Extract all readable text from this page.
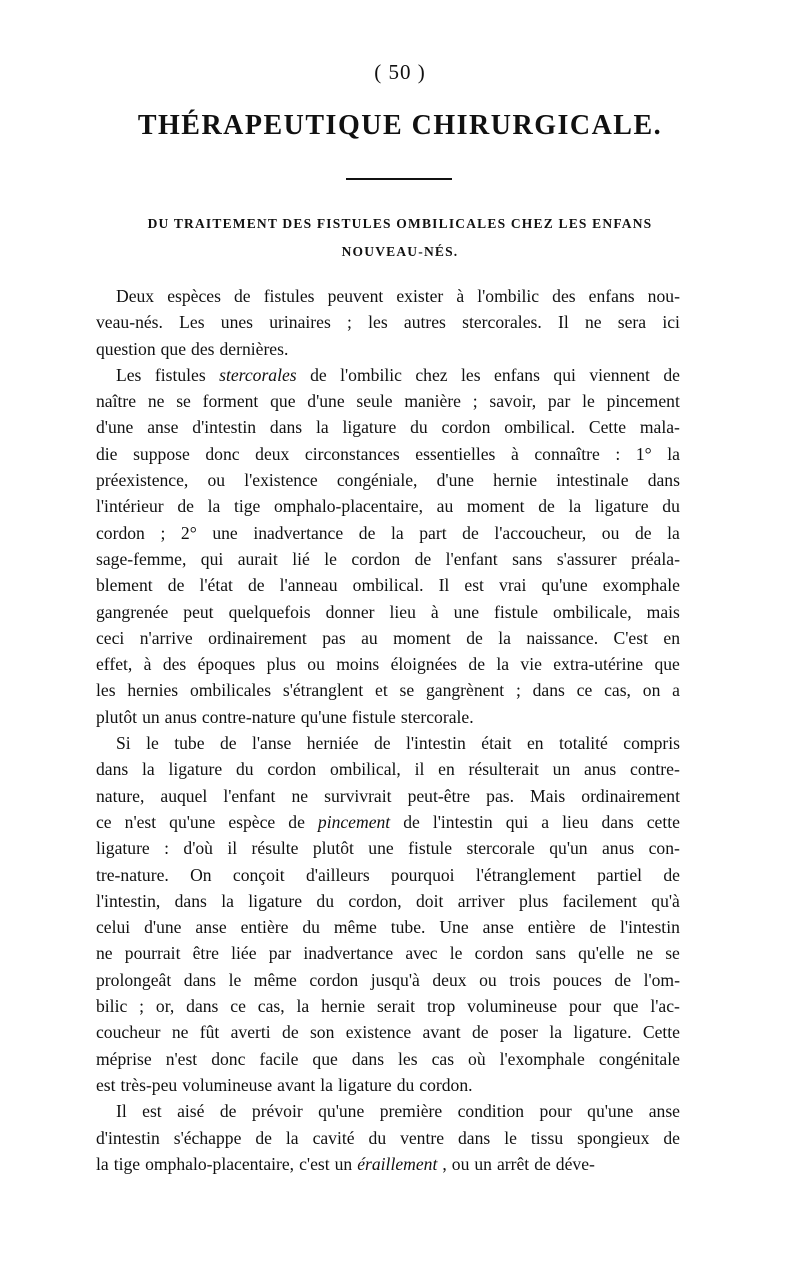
( 50 )
THÉRAPEUTIQUE CHIRURGICALE.
DU TRAITEMENT DES FISTULES OMBILICALES CHEZ LES ENFANS
NOUVEAU-NÉS.
Deux espèces de fistules peuvent exister à l'ombilic des enfans nou-
veau-nés. Les unes urinaires ; les autres stercorales. Il ne sera ici
question que des dernières.
Les fistules stercorales de l'ombilic chez les enfans qui viennent de
naître ne se forment que d'une seule manière ; savoir, par le pincement
d'une anse d'intestin dans la ligature du cordon ombilical. Cette mala-
die suppose donc deux circonstances essentielles à connaître : 1° la
préexistence, ou l'existence congéniale, d'une hernie intestinale dans
l'intérieur de la tige omphalo-placentaire, au moment de la ligature du
cordon ; 2° une inadvertance de la part de l'accoucheur, ou de la
sage-femme, qui aurait lié le cordon de l'enfant sans s'assurer préala-
blement de l'état de l'anneau ombilical. Il est vrai qu'une exomphale
gangrenée peut quelquefois donner lieu à une fistule ombilicale, mais
ceci n'arrive ordinairement pas au moment de la naissance. C'est en
effet, à des époques plus ou moins éloignées de la vie extra-utérine que
les hernies ombilicales s'étranglent et se gangrènent ; dans ce cas, on a
plutôt un anus contre-nature qu'une fistule stercorale.
Si le tube de l'anse herniée de l'intestin était en totalité compris
dans la ligature du cordon ombilical, il en résulterait un anus contre-
nature, auquel l'enfant ne survivrait peut-être pas. Mais ordinairement
ce n'est qu'une espèce de pincement de l'intestin qui a lieu dans cette
ligature : d'où il résulte plutôt une fistule stercorale qu'un anus con-
tre-nature. On conçoit d'ailleurs pourquoi l'étranglement partiel de
l'intestin, dans la ligature du cordon, doit arriver plus facilement qu'à
celui d'une anse entière du même tube. Une anse entière de l'intestin
ne pourrait être liée par inadvertance avec le cordon sans qu'elle ne se
prolongeât dans le même cordon jusqu'à deux ou trois pouces de l'om-
bilic ; or, dans ce cas, la hernie serait trop volumineuse pour que l'ac-
coucheur ne fût averti de son existence avant de poser la ligature. Cette
méprise n'est donc facile que dans les cas où l'exomphale congénitale
est très-peu volumineuse avant la ligature du cordon.
Il est aisé de prévoir qu'une première condition pour qu'une anse
d'intestin s'échappe de la cavité du ventre dans le tissu spongieux de
la tige omphalo-placentaire, c'est un éraillement , ou un arrêt de déve-
